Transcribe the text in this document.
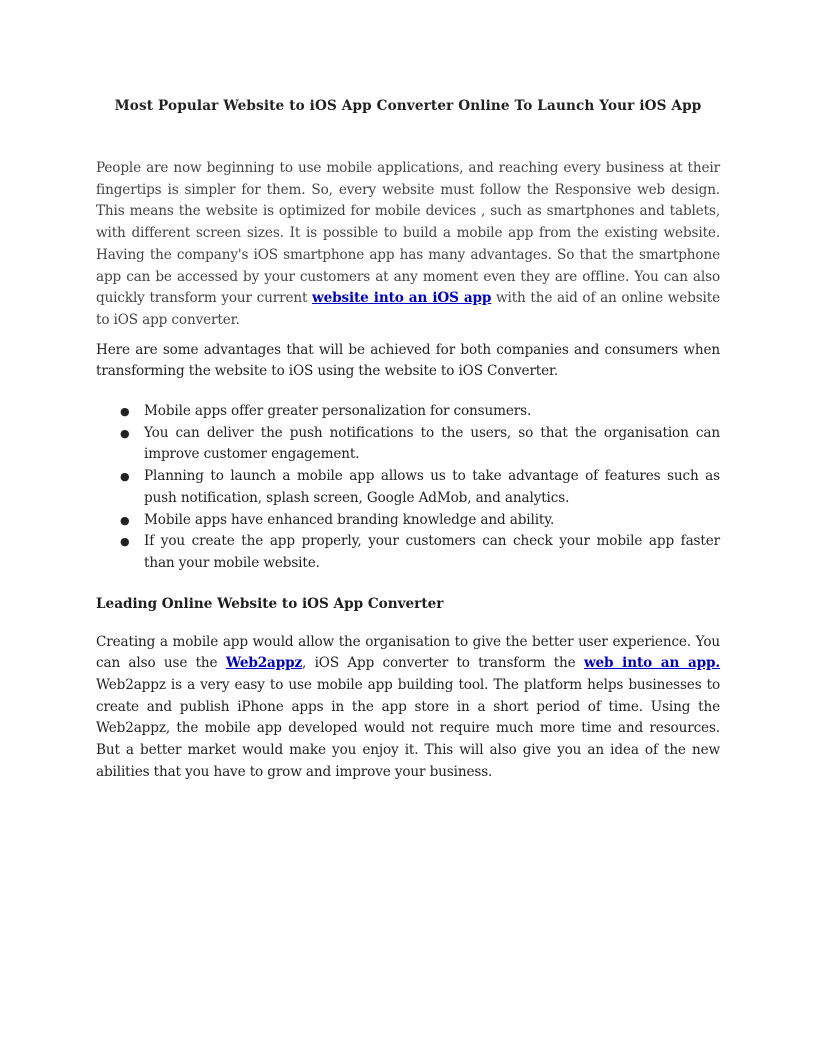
Most Popular Website to iOS App Converter Online To Launch Your iOS App

People are now beginning to use mobile applications, and reaching every business at their fingertips is simpler for them. So, every website must follow the Responsive web design. This means the website is optimized for mobile devices , such as smartphones and tablets, with different screen sizes. It is possible to build a mobile app from the existing website. Having the company's iOS smartphone app has many advantages. So that the smartphone app can be accessed by your customers at any moment even they are offline. You can also quickly transform your current website into an iOS app with the aid of an online website to iOS app converter.

Here are some advantages that will be achieved for both companies and consumers when transforming the website to iOS using the website to iOS Converter.

● Mobile apps offer greater personalization for consumers.
● You can deliver the push notifications to the users, so that the organisation can improve customer engagement.
● Planning to launch a mobile app allows us to take advantage of features such as push notification, splash screen, Google AdMob, and analytics.
● Mobile apps have enhanced branding knowledge and ability.
● If you create the app properly, your customers can check your mobile app faster than your mobile website.
Leading Online Website to iOS App Converter

Creating a mobile app would allow the organisation to give the better user experience. You can also use the Web2appz, iOS App converter to transform the web into an app. Web2appz is a very easy to use mobile app building tool. The platform helps businesses to create and publish iPhone apps in the app store in a short period of time. Using the Web2appz, the mobile app developed would not require much more time and resources. But a better market would make you enjoy it. This will also give you an idea of the new abilities that you have to grow and improve your business.
